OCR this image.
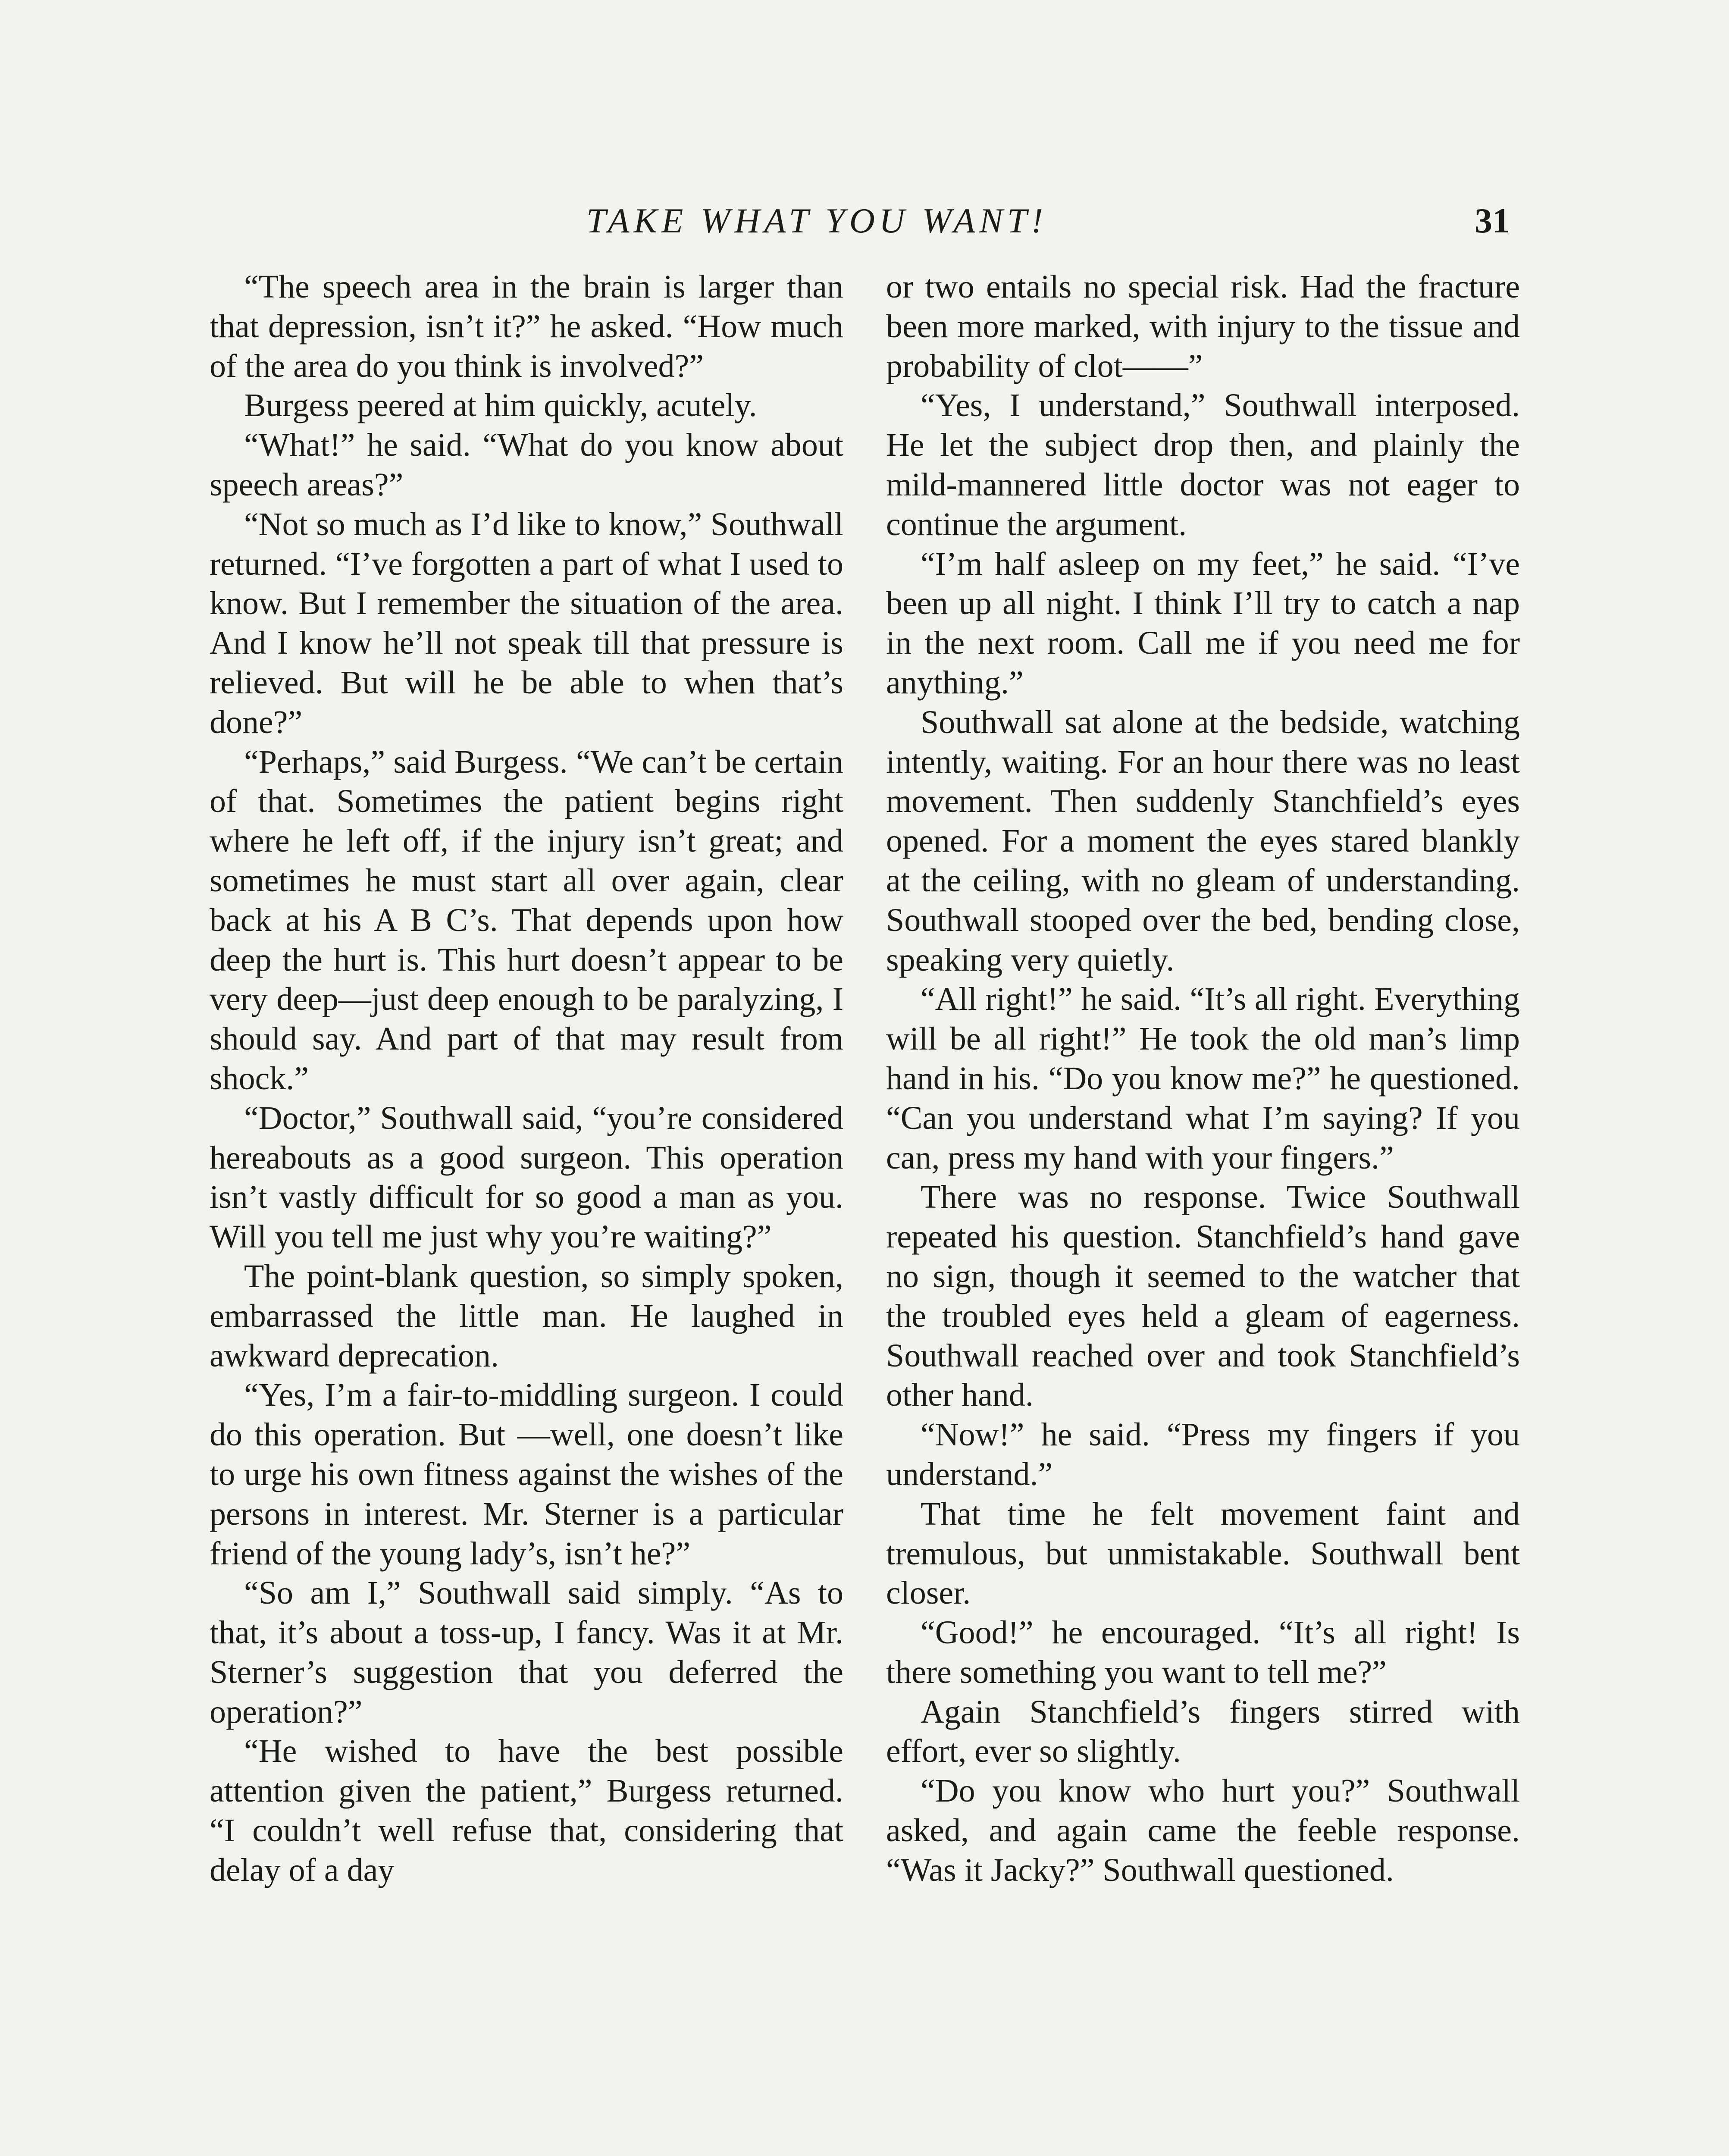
TAKE WHAT YOU WANT!	31

“The speech area in the brain is larger than that depression, isn’t it?” he asked. “How much of the area do you think is involved?”

Burgess peered at him quickly, acutely.

“What!” he said. “What do you know about speech areas?”

“Not so much as I’d like to know,” Southwall returned. “I’ve forgotten a part of what I used to know. But I remember the situation of the area. And I know he’ll not speak till that pressure is relieved. But will he be able to when that’s done?”

“Perhaps,” said Burgess. “We can’t be certain of that. Sometimes the patient begins right where he left off, if the injury isn’t great; and sometimes he must start all over again, clear back at his A B C’s. That depends upon how deep the hurt is. This hurt doesn’t appear to be very deep—just deep enough to be paralyzing, I should say. And part of that may result from shock.”

“Doctor,” Southwall said, “you’re considered hereabouts as a good surgeon. This operation isn’t vastly difficult for so good a man as you. Will you tell me just why you’re waiting?”

The point-blank question, so simply spoken, embarrassed the little man. He laughed in awkward deprecation.

“Yes, I’m a fair-to-middling surgeon. I could do this operation. But —well, one doesn’t like to urge his own fitness against the wishes of the persons in interest. Mr. Sterner is a particular friend of the young lady’s, isn’t he?”

“So am I,” Southwall said simply. “As to that, it’s about a toss-up, I fancy. Was it at Mr. Sterner’s suggestion that you deferred the operation?”

“He wished to have the best possible attention given the patient,” Burgess returned. “I couldn’t well refuse that, considering that delay of a day

or two entails no special risk. Had the fracture been more marked, with injury to the tissue and probability of clot——”

“Yes, I understand,” Southwall interposed. He let the subject drop then, and plainly the mild-mannered little doctor was not eager to continue the argument.

“I’m half asleep on my feet,” he said. “I’ve been up all night. I think I’ll try to catch a nap in the next room. Call me if you need me for anything.”

Southwall sat alone at the bedside, watching intently, waiting. For an hour there was no least movement. Then suddenly Stanchfield’s eyes opened. For a moment the eyes stared blankly at the ceiling, with no gleam of understanding. Southwall stooped over the bed, bending close, speaking very quietly.

“All right!” he said. “It’s all right. Everything will be all right!” He took the old man’s limp hand in his. “Do you know me?” he questioned. “Can you understand what I’m saying? If you can, press my hand with your fingers.”

There was no response. Twice Southwall repeated his question. Stanchfield’s hand gave no sign, though it seemed to the watcher that the troubled eyes held a gleam of eagerness. Southwall reached over and took Stanchfield’s other hand.

“Now!” he said. “Press my fingers if you understand.”

That time he felt movement faint and tremulous, but unmistakable. Southwall bent closer.

“Good!” he encouraged. “It’s all right! Is there something you want to tell me?”

Again Stanchfield’s fingers stirred with effort, ever so slightly.

“Do you know who hurt you?” Southwall asked, and again came the feeble response. “Was it Jacky?” Southwall questioned.
